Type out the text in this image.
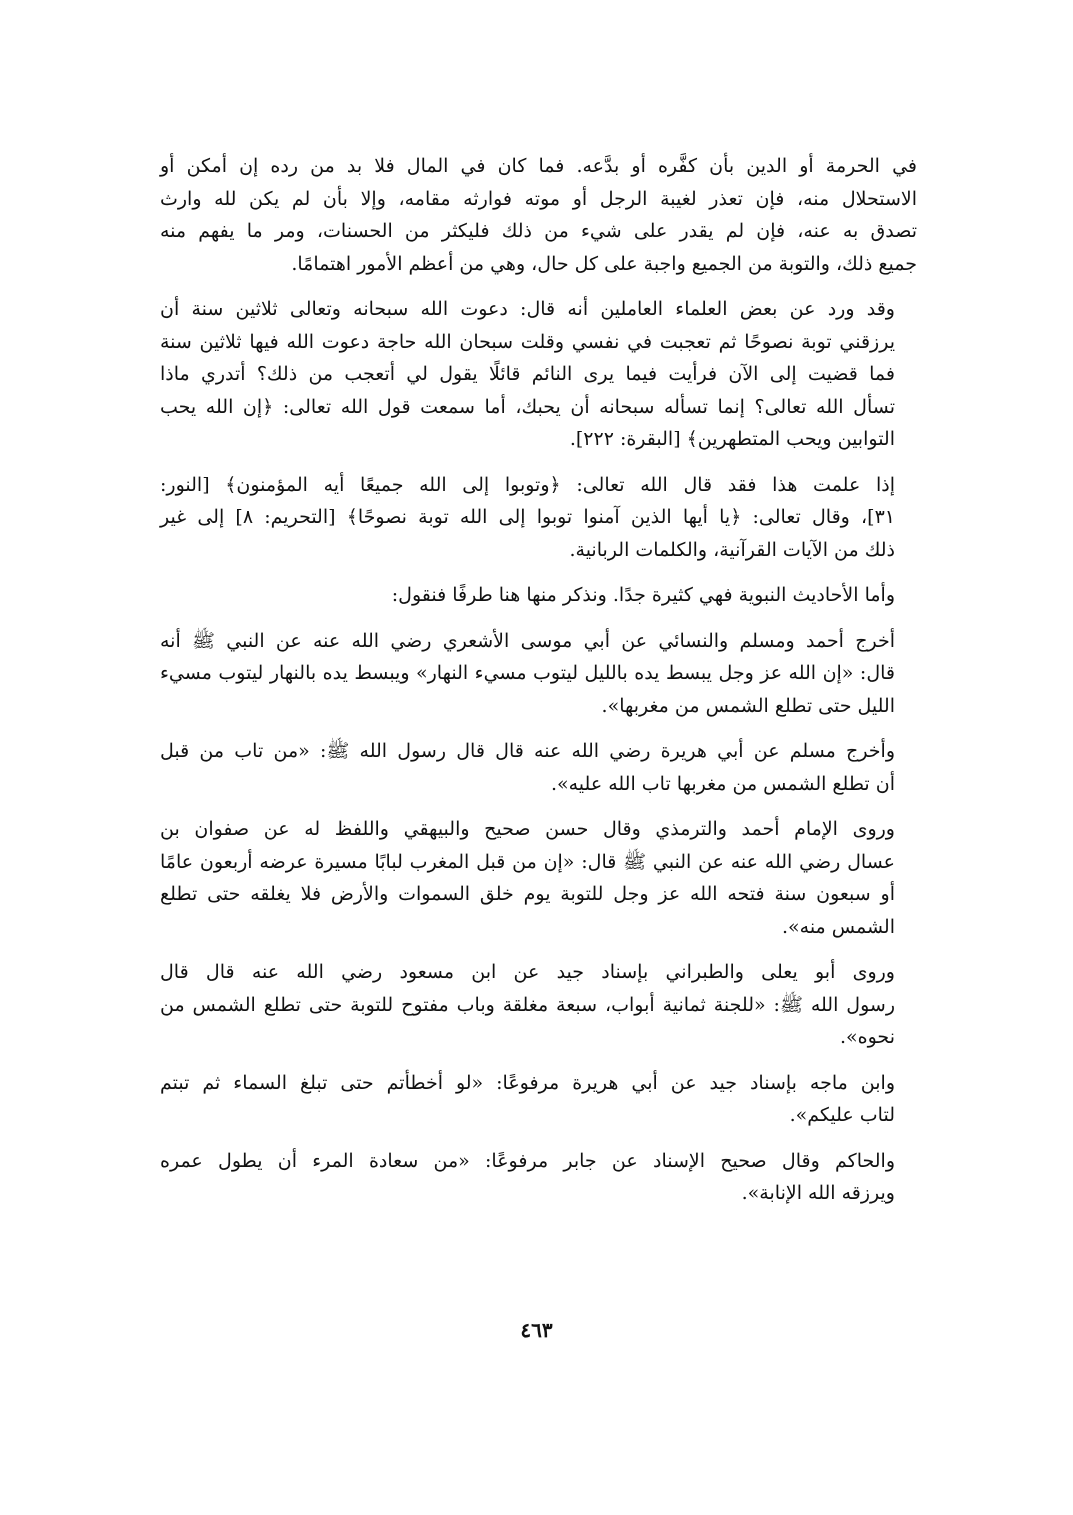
في الحرمة أو الدين بأن كفَّره أو بدَّعه. فما كان في المال فلا بد من رده إن أمكن أو
الاستحلال منه، فإن تعذر لغيبة الرجل أو موته فوارثه مقامه، وإلا بأن لم يكن لله وارث
تصدق به عنه، فإن لم يقدر على شيء من ذلك فليكثر من الحسنات، ومر ما يفهم منه
جميع ذلك، والتوبة من الجميع واجبة على كل حال، وهي من أعظم الأمور اهتمامًا.
وقد ورد عن بعض العلماء العاملين أنه قال: دعوت الله سبحانه وتعالى ثلاثين سنة أن
يرزقني توبة نصوحًا ثم تعجبت في نفسي وقلت سبحان الله حاجة دعوت الله فيها ثلاثين سنة
فما قضيت إلى الآن فرأيت فيما يرى النائم قائلًا يقول لي أتعجب من ذلك؟ أتدري ماذا
تسأل الله تعالى؟ إنما تسأله سبحانه أن يحبك، أما سمعت قول الله تعالى: ﴿إن الله يحب
التوابين ويحب المتطهرين﴾ [البقرة: ٢٢٢].
إذا علمت هذا فقد قال الله تعالى: ﴿وتوبوا إلى الله جميعًا أيه المؤمنون﴾ [النور:
٣١]، وقال تعالى: ﴿يا أيها الذين آمنوا توبوا إلى الله توبة نصوحًا﴾ [التحريم: ٨] إلى غير
ذلك من الآيات القرآنية، والكلمات الربانية.
وأما الأحاديث النبوية فهي كثيرة جدًا. ونذكر منها هنا طرفًا فنقول:
أخرج أحمد ومسلم والنسائي عن أبي موسى الأشعري رضي الله عنه عن النبي ﷺ أنه
قال: «إن الله عز وجل يبسط يده بالليل ليتوب مسيء النهار» ويبسط يده بالنهار ليتوب مسيء
الليل حتى تطلع الشمس من مغربها».
وأخرج مسلم عن أبي هريرة رضي الله عنه قال قال رسول الله ﷺ: «من تاب من قبل
أن تطلع الشمس من مغربها تاب الله عليه».
وروى الإمام أحمد والترمذي وقال حسن صحيح والبيهقي واللفظ له عن صفوان بن
عسال رضي الله عنه عن النبي ﷺ قال: «إن من قبل المغرب لبابًا مسيرة عرضه أربعون عامًا
أو سبعون سنة فتحه الله عز وجل للتوبة يوم خلق السموات والأرض فلا يغلقه حتى تطلع
الشمس منه».
وروى أبو يعلى والطبراني بإسناد جيد عن ابن مسعود رضي الله عنه قال قال
رسول الله ﷺ: «للجنة ثمانية أبواب، سبعة مغلقة وباب مفتوح للتوبة حتى تطلع الشمس من
نحوه».
وابن ماجه بإسناد جيد عن أبي هريرة مرفوعًا: «لو أخطأتم حتى تبلغ السماء ثم تبتم
لتاب عليكم».
والحاكم وقال صحيح الإسناد عن جابر مرفوعًا: «من سعادة المرء أن يطول عمره
ويرزقه الله الإنابة».
٤٦٣
